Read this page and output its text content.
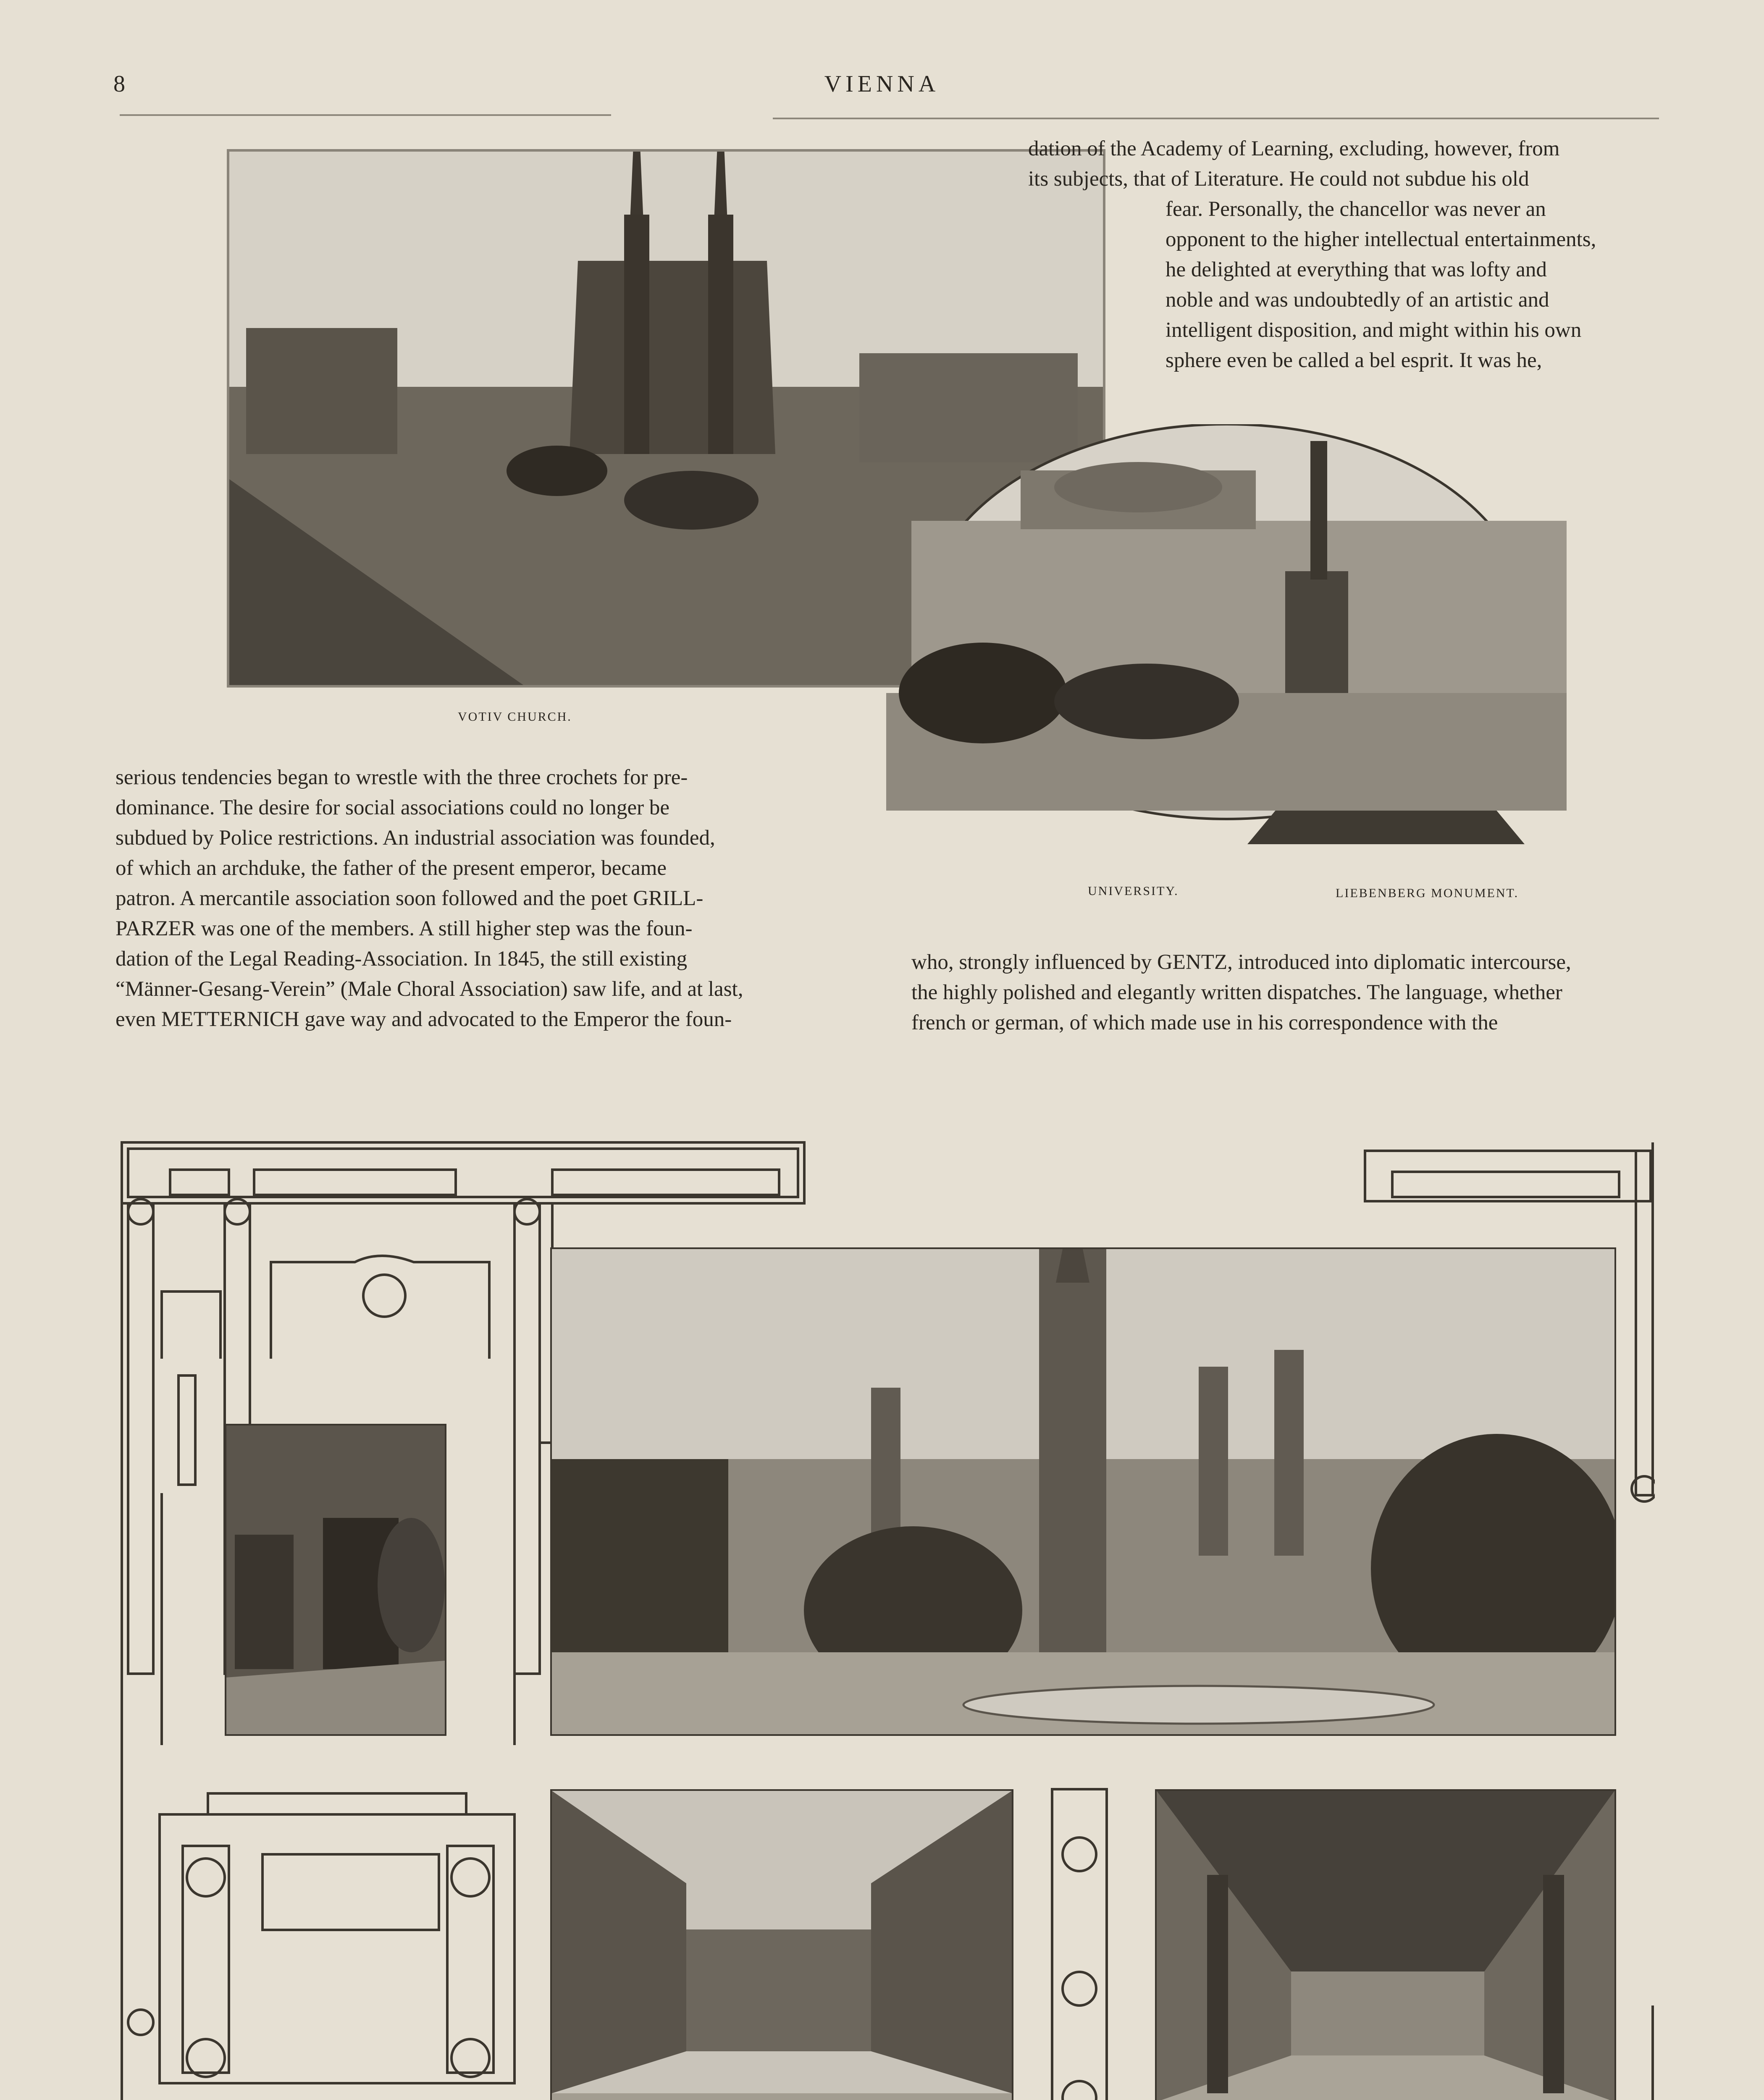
8	VIENNA
VOTIV CHURCH.
UNIVERSITY.	LIEBENBERG MONUMENT.
dation of the Academy of Learning, excluding, however, from
its subjects, that of Literature. He could not subdue his old
fear. Personally, the chancellor was never an
opponent to the higher intellectual entertainments,
he delighted at everything that was lofty and
noble and was undoubtedly of an artistic and
intelligent disposition, and might within his own
sphere even be called a bel esprit. It was he,
serious tendencies began to wrestle with the three crochets for pre-
dominance. The desire for social associations could no longer be
subdued by Police restrictions. An industrial association was founded,
of which an archduke, the father of the present emperor, became
patron. A mercantile association soon followed and the poet GRILL-
PARZER was one of the members. A still higher step was the foun-
dation of the Legal Reading-Association. In 1845, the still existing
“Männer-Gesang-Verein” (Male Choral Association) saw life, and at last,
even METTERNICH gave way and advocated to the Emperor the foun-
who, strongly influenced by GENTZ, introduced into diplomatic intercourse,
the highly polished and elegantly written dispatches. The language, whether
french or german, of which made use in his correspondence with the
